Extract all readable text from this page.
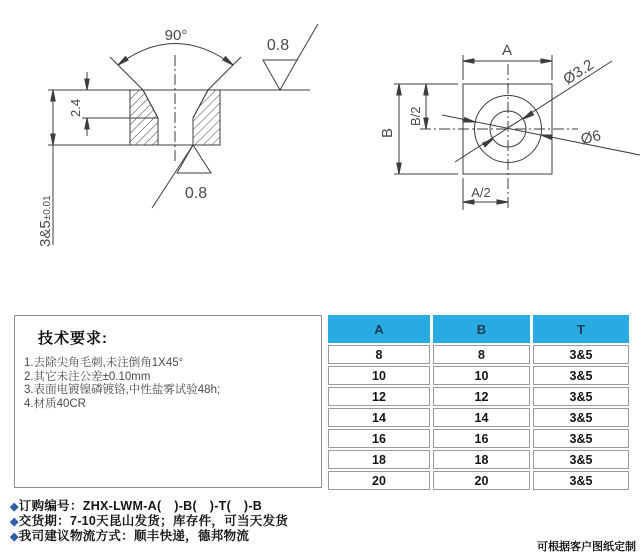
90°
0.8
0.8
2.4
3&5±0.01
A
B
B/2
A/2
Ø3.2
Ø6
技术要求:
1.去除尖角毛刺,未注倒角1X45°
2.其它未注公差±0.10mm
3.表面电镀镍磷镀铬,中性盐雾试验48h;
4.材质40CR
A
8
10
12
14
16
18
20
B
8
10
12
14
16
18
20
T
3&5
3&5
3&5
3&5
3&5
3&5
3&5
◆订购编号：ZHX-LWM-A(　)-B(　)-T(　)-B
◆交货期：7-10天昆山发货；库存件，可当天发货
◆我司建议物流方式：顺丰快递，德邦物流
可根据客户图纸定制
